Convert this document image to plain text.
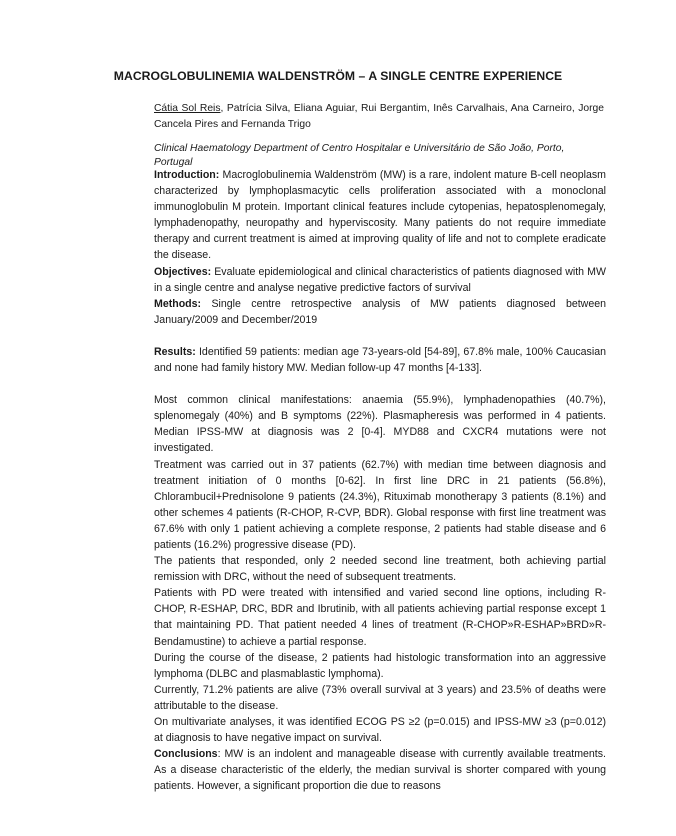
MACROGLOBULINEMIA WALDENSTRÖM – A SINGLE CENTRE EXPERIENCE
Cátia Sol Reis, Patrícia Silva, Eliana Aguiar, Rui Bergantim, Inês Carvalhais, Ana Carneiro, Jorge Cancela Pires and Fernanda Trigo
Clinical Haematology Department of Centro Hospitalar e Universitário de São João, Porto, Portugal

Introduction: Macroglobulinemia Waldenström (MW) is a rare, indolent mature B-cell neoplasm characterized by lymphoplasmacytic cells proliferation associated with a monoclonal immunoglobulin M protein. Important clinical features include cytopenias, hepatosplenomegaly, lymphadenopathy, neuropathy and hyperviscosity. Many patients do not require immediate therapy and current treatment is aimed at improving quality of life and not to complete eradicate the disease.

Objectives: Evaluate epidemiological and clinical characteristics of patients diagnosed with MW in a single centre and analyse negative predictive factors of survival

Methods: Single centre retrospective analysis of MW patients diagnosed between January/2009 and December/2019

Results: Identified 59 patients: median age 73-years-old [54-89], 67.8% male, 100% Caucasian and none had family history MW. Median follow-up 47 months [4-133].

Most common clinical manifestations: anaemia (55.9%), lymphadenopathies (40.7%), splenomegaly (40%) and B symptoms (22%). Plasmapheresis was performed in 4 patients. Median IPSS-MW at diagnosis was 2 [0-4]. MYD88 and CXCR4 mutations were not investigated.

Treatment was carried out in 37 patients (62.7%) with median time between diagnosis and treatment initiation of 0 months [0-62]. In first line DRC in 21 patients (56.8%), Chlorambucil+Prednisolone 9 patients (24.3%), Rituximab monotherapy 3 patients (8.1%) and other schemes 4 patients (R-CHOP, R-CVP, BDR). Global response with first line treatment was 67.6% with only 1 patient achieving a complete response, 2 patients had stable disease and 6 patients (16.2%) progressive disease (PD).

The patients that responded, only 2 needed second line treatment, both achieving partial remission with DRC, without the need of subsequent treatments.

Patients with PD were treated with intensified and varied second line options, including R-CHOP, R-ESHAP, DRC, BDR and Ibrutinib, with all patients achieving partial response except 1 that maintaining PD. That patient needed 4 lines of treatment (R-CHOP»R-ESHAP»BRD»R-Bendamustine) to achieve a partial response.

During the course of the disease, 2 patients had histologic transformation into an aggressive lymphoma (DLBC and plasmablastic lymphoma).

Currently, 71.2% patients are alive (73% overall survival at 3 years) and 23.5% of deaths were attributable to the disease.

On multivariate analyses, it was identified ECOG PS ≥2 (p=0.015) and IPSS-MW ≥3 (p=0.012) at diagnosis to have negative impact on survival.

Conclusions: MW is an indolent and manageable disease with currently available treatments. As a disease characteristic of the elderly, the median survival is shorter compared with young patients. However, a significant proportion die due to reasons
